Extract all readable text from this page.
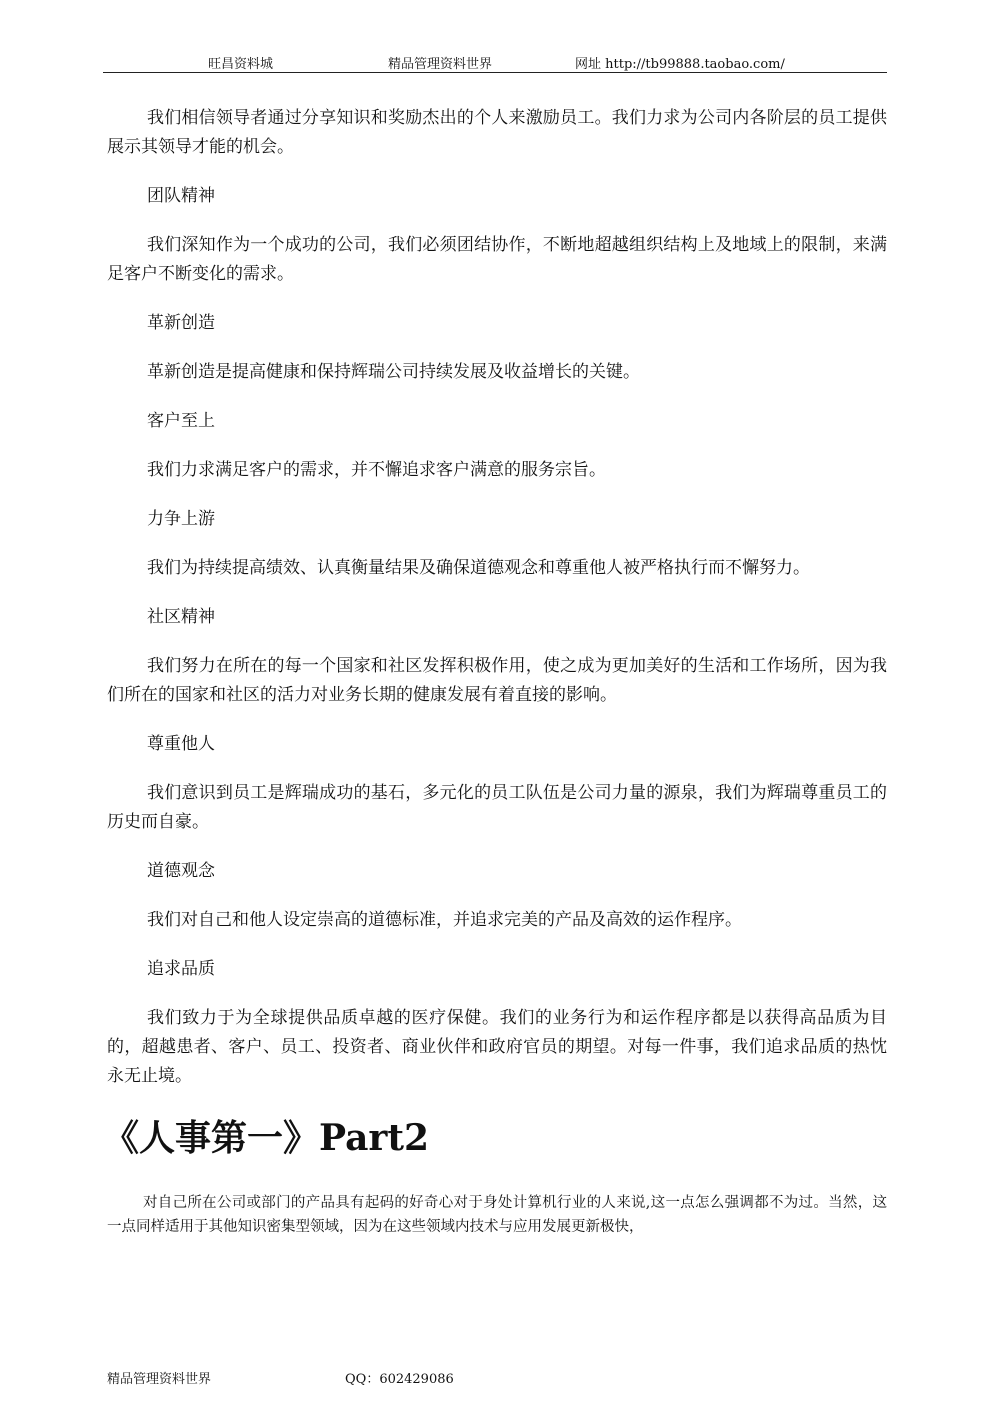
旺昌资料城	精品管理资料世界	网址 http://tb99888.taobao.com/

我们相信领导者通过分享知识和奖励杰出的个人来激励员工。我们力求为公司内各阶层的员工提供展示其领导才能的机会。

团队精神

我们深知作为一个成功的公司，我们必须团结协作，不断地超越组织结构上及地域上的限制，来满足客户不断变化的需求。

革新创造

革新创造是提高健康和保持辉瑞公司持续发展及收益增长的关键。

客户至上

我们力求满足客户的需求，并不懈追求客户满意的服务宗旨。

力争上游

我们为持续提高绩效、认真衡量结果及确保道德观念和尊重他人被严格执行而不懈努力。

社区精神

我们努力在所在的每一个国家和社区发挥积极作用，使之成为更加美好的生活和工作场所，因为我们所在的国家和社区的活力对业务长期的健康发展有着直接的影响。

尊重他人

我们意识到员工是辉瑞成功的基石，多元化的员工队伍是公司力量的源泉，我们为辉瑞尊重员工的历史而自豪。

道德观念

我们对自己和他人设定崇高的道德标准，并追求完美的产品及高效的运作程序。

追求品质

我们致力于为全球提供品质卓越的医疗保健。我们的业务行为和运作程序都是以获得高品质为目的，超越患者、客户、员工、投资者、商业伙伴和政府官员的期望。对每一件事，我们追求品质的热忱永无止境。

《人事第一》Part2

对自己所在公司或部门的产品具有起码的好奇心对于身处计算机行业的人来说,这一点怎么强调都不为过。当然，这一点同样适用于其他知识密集型领域，因为在这些领域内技术与应用发展更新极快，

精品管理资料世界	QQ：602429086
